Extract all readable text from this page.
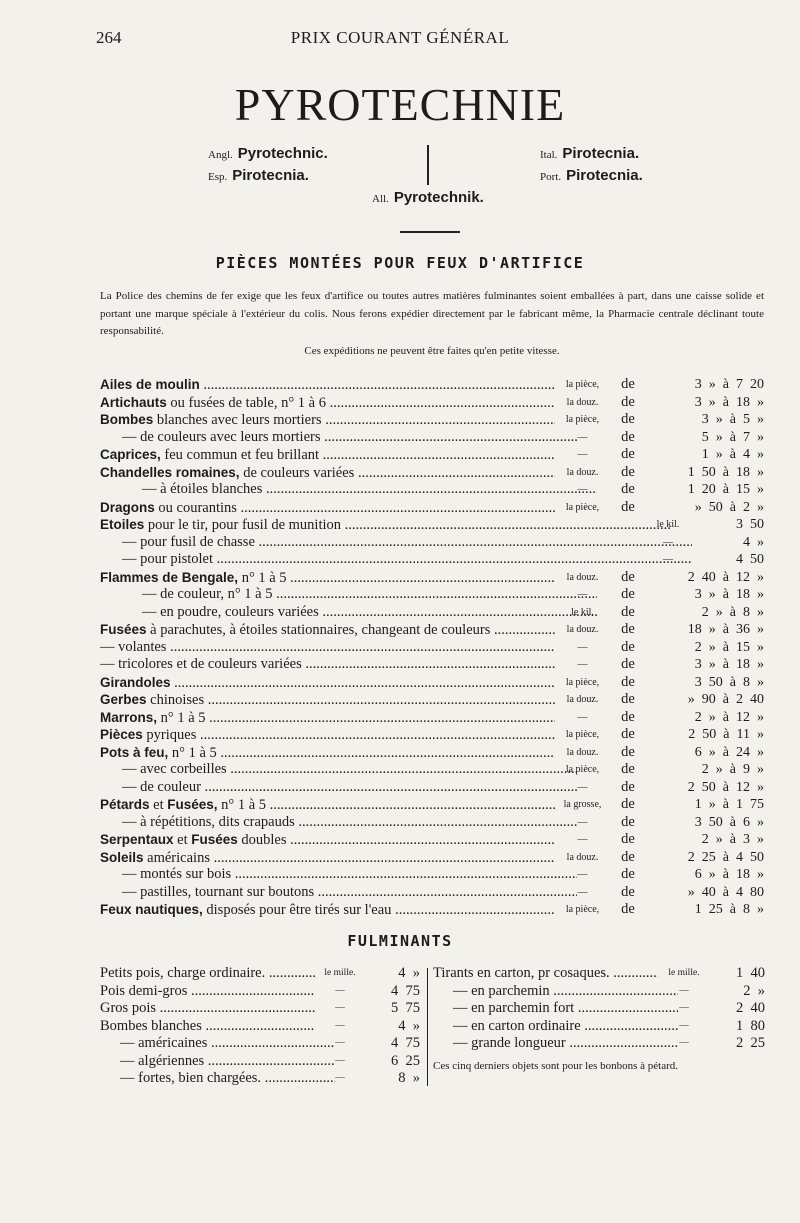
264	PRIX COURANT GÉNÉRAL
PYROTECHNIE
Angl. Pyrotechnic.
Esp. Pirotecnia.
Ital. Pirotecnia.
Port. Pirotecnia.
All. Pyrotechnik.
PIÈCES MONTÉES POUR FEUX D'ARTIFICE

La Police des chemins de fer exige que les feux d'artifice ou toutes autres matières fulminantes soient emballées à part, dans une caisse solide et portant une marque spéciale à l'extérieur du colis. Nous ferons expédier directement par le fabricant même, la Pharmacie centrale déclinant toute responsabilité.

Ces expéditions ne peuvent être faites qu'en petite vitesse.

Ailes de moulin .....	la pièce,	de	3  »  à  7  20
Artichauts ou fusées de table, n° 1 à 6 .....	la douz.	de	3  »  à  18  »
Bombes blanches avec leurs mortiers .....	la pièce,	de	3  »  à  5  »
— de couleurs avec leurs mortiers .....	—	de	5  »  à  7  »
Caprices, feu commun et feu brillant .....	—	de	1  »  à  4  »
Chandelles romaines, de couleurs variées .....	la douz.	de	1  50  à  18  »
— à étoiles blanches .....	—	de	1  20  à  15  »
Dragons ou courantins .....	la pièce,	de	»  50  à  2  »
Etoiles pour le tir, pour fusil de munition .....	le kil.	3  50
— pour fusil de chasse .....	—	4  »
— pour pistolet .....	—	4  50
Flammes de Bengale, n° 1 à 5 .....	la douz.	de	2  40  à  12  »
— de couleur, n° 1 à 5 .....	—	de	3  »  à  18  »
— en poudre, couleurs variées .....	le kil.	de	2  »  à  8  »
Fusées à parachutes, à étoiles stationnaires, changeant de couleurs .....	la douz.	de	18  »  à  36  »
— volantes .....	—	de	2  »  à  15  »
— tricolores et de couleurs variées .....	—	de	3  »  à  18  »
Girandoles .....	la pièce,	de	3  50  à  8  »
Gerbes chinoises .....	la douz.	de	»  90  à  2  40
Marrons, n° 1 à 5 .....	—	de	2  »  à  12  »
Pièces pyriques .....	la pièce,	de	2  50  à  11  »
Pots à feu, n° 1 à 5 .....	la douz.	de	6  »  à  24  »
— avec corbeilles .....	la pièce,	de	2  »  à  9  »
— de couleur .....	—	de	2  50  à  12  »
Pétards et Fusées, n° 1 à 5 .....	la grosse,	de	1  »  à  1  75
— à répétitions, dits crapauds .....	—	de	3  50  à  6  »
Serpentaux et Fusées doubles .....	—	de	2  »  à  3  »
Soleils américains .....	la douz.	de	2  25  à  4  50
— montés sur bois .....	—	de	6  »  à  18  »
— pastilles, tournant sur boutons .....	—	de	»  40  à  4  80
Feux nautiques, disposés pour être tirés sur l'eau .....	la pièce,	de	1  25  à  8  »
FULMINANTS
Petits pois, charge ordinaire. .....	le mille.	4  »
Pois demi-gros .....	—	4  75
Gros pois .....	—	5  75
Bombes blanches .....	—	4  »
— américaines .....	—	4  75
— algériennes .....	—	6  25
— fortes, bien chargées. .....	—	8  »
Tirants en carton, pr cosaques. .....	le mille.	1  40
— en parchemin .....	—	2  »
— en parchemin fort .....	—	2  40
— en carton ordinaire .....	—	1  80
— grande longueur .....	—	2  25
Ces cinq derniers objets sont pour les bonbons à pétard.
